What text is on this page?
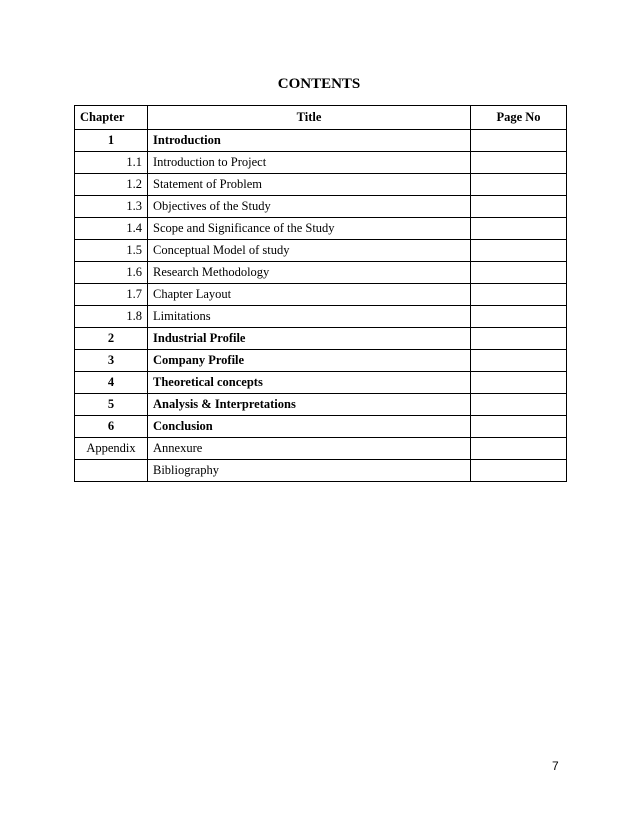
CONTENTS
Chapter	Title	Page No
1	Introduction	
1.1	Introduction to Project	
1.2	Statement of Problem	
1.3	Objectives of the Study	
1.4	Scope and Significance of the Study	
1.5	Conceptual Model of study	
1.6	Research Methodology	
1.7	Chapter Layout	
1.8	Limitations	
2	Industrial Profile	
3	Company Profile	
4	Theoretical concepts	
5	Analysis & Interpretations	
6	Conclusion	
Appendix	Annexure	
	Bibliography	
7
